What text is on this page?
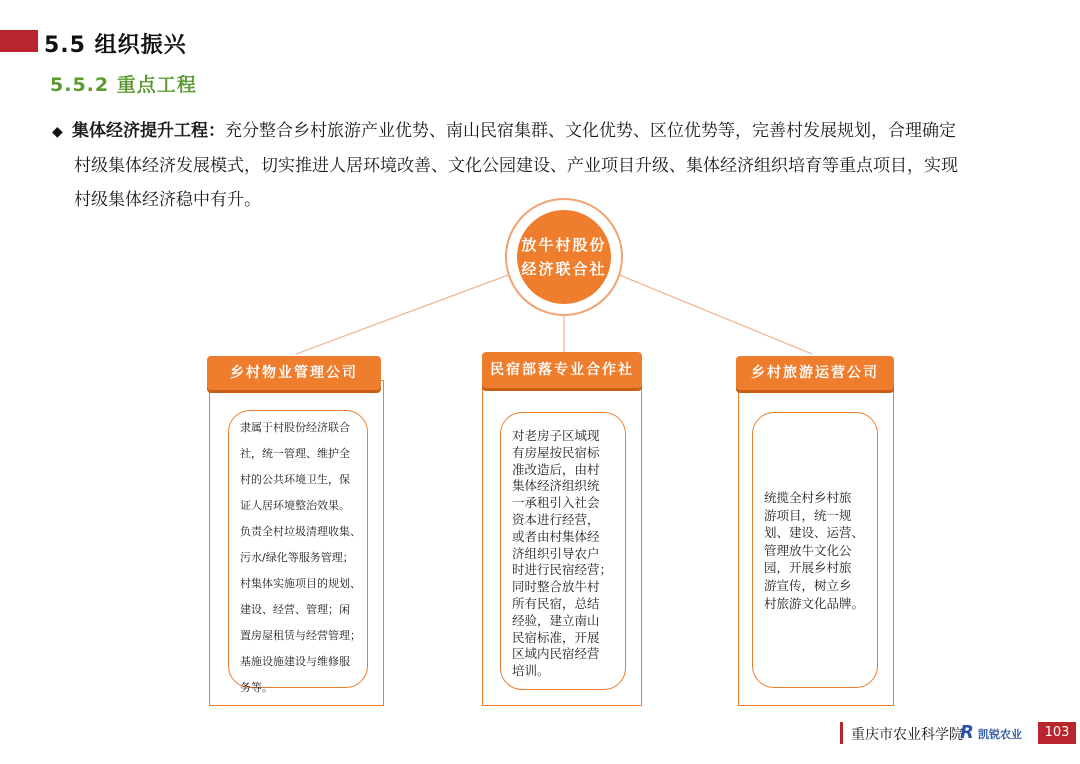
5.5 组织振兴
5.5.2 重点工程
◆ 集体经济提升工程：充分整合乡村旅游产业优势、南山民宿集群、文化优势、区位优势等，完善村发展规划，合理确定
村级集体经济发展模式，切实推进人居环境改善、文化公园建设、产业项目升级、集体经济组织培育等重点项目，实现
村级集体经济稳中有升。
放牛村股份
经济联合社
乡村物业管理公司
隶属于村股份经济联合
社，统一管理、维护全
村的公共环境卫生，保
证人居环境整治效果。
负责全村垃圾清理收集、
污水/绿化等服务管理；
村集体实施项目的规划、
建设、经营、管理；闲
置房屋租赁与经营管理；
基施设施建设与维修服
务等。
民宿部落专业合作社
对老房子区域现
有房屋按民宿标
准改造后，由村
集体经济组织统
一承租引入社会
资本进行经营，
或者由村集体经
济组织引导农户
时进行民宿经营；
同时整合放牛村
所有民宿，总结
经验，建立南山
民宿标准，开展
区域内民宿经营
培训。
乡村旅游运营公司
统揽全村乡村旅
游项目，统一规
划、建设、运营、
管理放牛文化公
园，开展乡村旅
游宣传，树立乡
村旅游文化品牌。
重庆市农业科学院
R 凯锐农业	103
